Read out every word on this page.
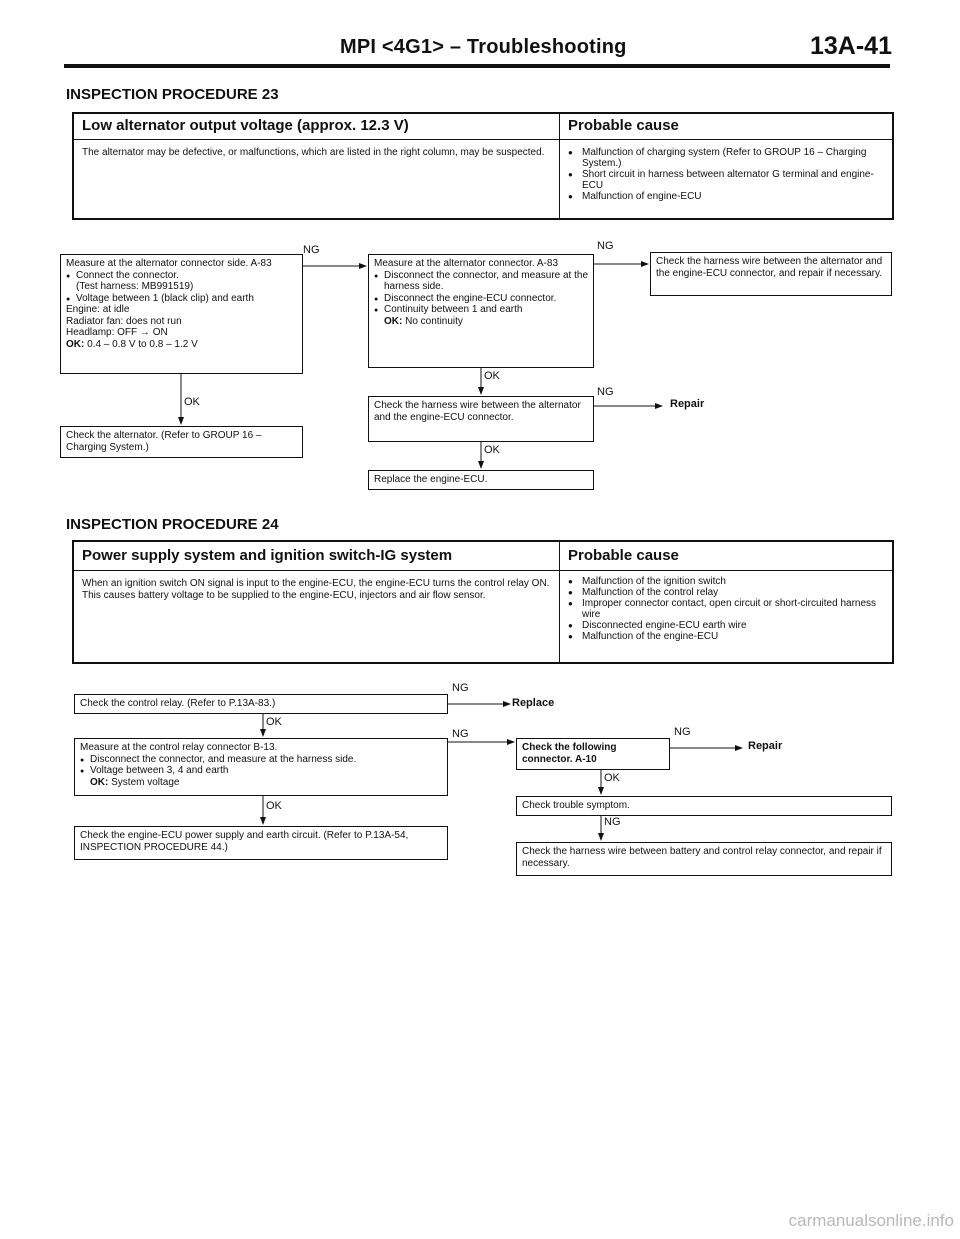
MPI <4G1> – Troubleshooting	13A-41
INSPECTION PROCEDURE 23
Low alternator output voltage (approx. 12.3 V)	Probable cause
The alternator may be defective, or malfunctions, which are listed in the right column, may be suspected.
●	Malfunction of charging system (Refer to GROUP 16 – Charging System.)
● Short circuit in harness between alternator G terminal and engine-ECU
● Malfunction of engine-ECU
Measure at the alternator connector side. A-83
● Connect the connector.
(Test harness: MB991519)
● Voltage between 1 (black clip) and earth
Engine: at idle
Radiator fan: does not run
Headlamp: OFF → ON
OK: 0.4 – 0.8 V to 0.8 – 1.2 V
Check the alternator. (Refer to GROUP 16 – Charging System.)
Measure at the alternator connector. A-83
● Disconnect the connector, and measure at the harness side.
● Disconnect the engine-ECU connector.
● Continuity between 1 and earth
OK: No continuity
Check the harness wire between the alternator and the engine-ECU connector, and repair if necessary.
Check the harness wire between the alternator and the engine-ECU connector.
Replace the engine-ECU.
NG	NG
NG
OK
OK
OK
Repair
INSPECTION PROCEDURE 24
Power supply system and ignition switch-IG system	Probable cause
When an ignition switch ON signal is input to the engine-ECU, the engine-ECU turns the control relay ON. This causes battery voltage to be supplied to the engine-ECU, injectors and air flow sensor.
● Malfunction of the ignition switch
● Malfunction of the control relay
● Improper connector contact, open circuit or short-circuited harness wire
● Disconnected engine-ECU earth wire
● Malfunction of the engine-ECU
Check the control relay. (Refer to P.13A-83.)
Measure at the control relay connector B-13.
● Disconnect the connector, and measure at the harness side.
● Voltage between 3, 4 and earth
OK: System voltage
Check the engine-ECU power supply and earth circuit. (Refer to P.13A-54, INSPECTION PROCEDURE 44.)
Check the following connector. A-10
Check trouble symptom.
Check the harness wire between battery and control relay connector, and repair if necessary.
NG
NG	NG
NG
OK
OK
OK
Replace
Repair
carmanualsonline.info
